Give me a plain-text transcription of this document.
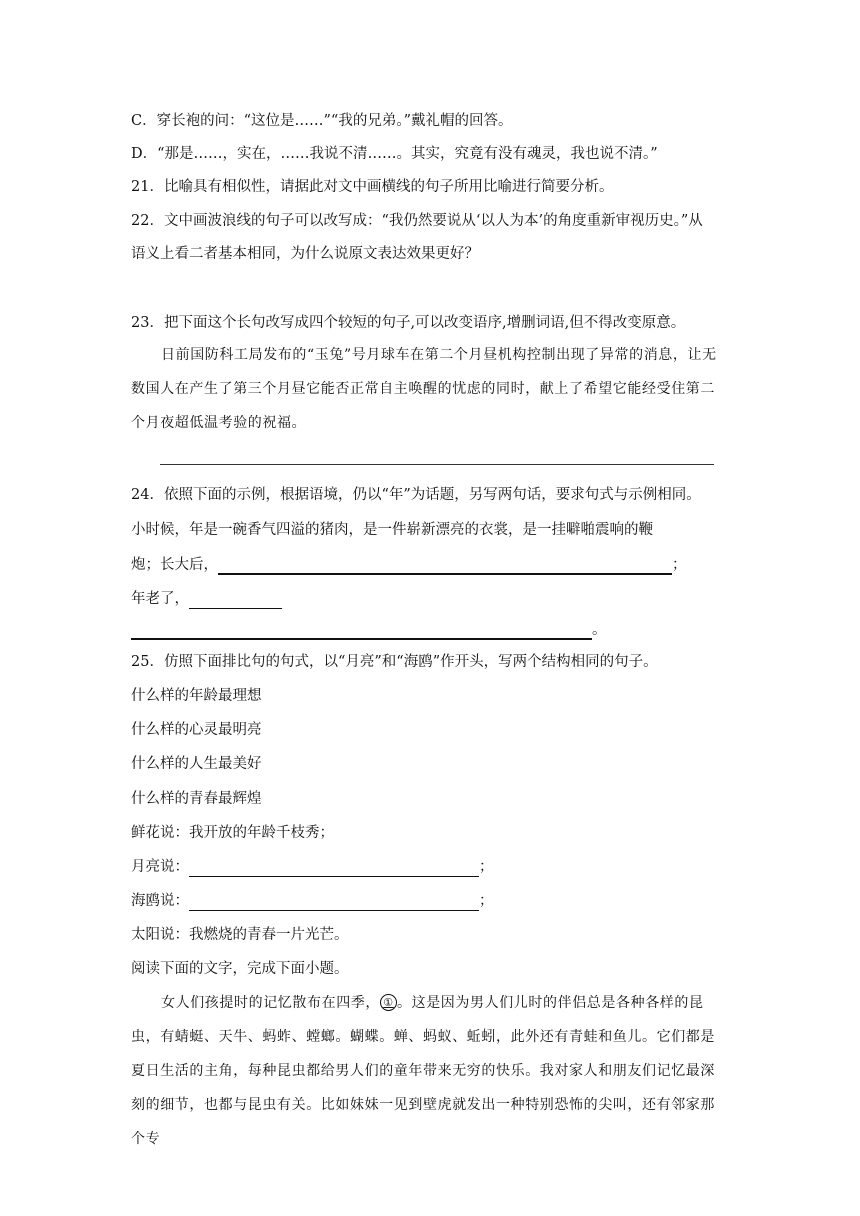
C．穿长袍的问：“这位是……”“我的兄弟。”戴礼帽的回答。
D．“那是……，实在，……我说不清……。其实，究竟有没有魂灵，我也说不清。”
21．比喻具有相似性，请据此对文中画横线的句子所用比喻进行简要分析。
22．文中画波浪线的句子可以改写成：“我仍然要说从‘以人为本’的角度重新审视历史。”从
语义上看二者基本相同，为什么说原文表达效果更好？
23．把下面这个长句改写成四个较短的句子,可以改变语序,增删词语,但不得改变原意。
日前国防科工局发布的“玉兔”号月球车在第二个月昼机构控制出现了异常的消息，让无数国人在产生了第三个月昼它能否正常自主唤醒的忧虑的同时，献上了希望它能经受住第二个月夜超低温考验的祝福。
24．依照下面的示例，根据语境，仍以“年”为话题，另写两句话，要求句式与示例相同。
小时候，年是一碗香气四溢的猪肉，是一件崭新漂亮的衣裳，是一挂噼啪震响的鞭
炮；长大后，	；
年老了，
。
25．仿照下面排比句的句式，以“月亮”和“海鸥”作开头，写两个结构相同的句子。
什么样的年龄最理想
什么样的心灵最明亮
什么样的人生最美好
什么样的青春最辉煌
鲜花说：我开放的年龄千枝秀；
月亮说：	；
海鸥说：	；
太阳说：我燃烧的青春一片光芒。
阅读下面的文字，完成下面小题。
女人们孩提时的记忆散布在四季， ① 。这是因为男人们儿时的伴侣总是各种各样的昆虫，有蜻蜓、天牛、蚂蚱、螳螂。蝴蝶。蝉、蚂蚁、蚯蚓，此外还有青蛙和鱼儿。它们都是夏日生活的主角，每种昆虫都给男人们的童年带来无穷的快乐。我对家人和朋友们记忆最深刻的细节，也都与昆虫有关。比如妹妹一见到壁虎就发出一种特别恐怖的尖叫，还有邻家那个专
